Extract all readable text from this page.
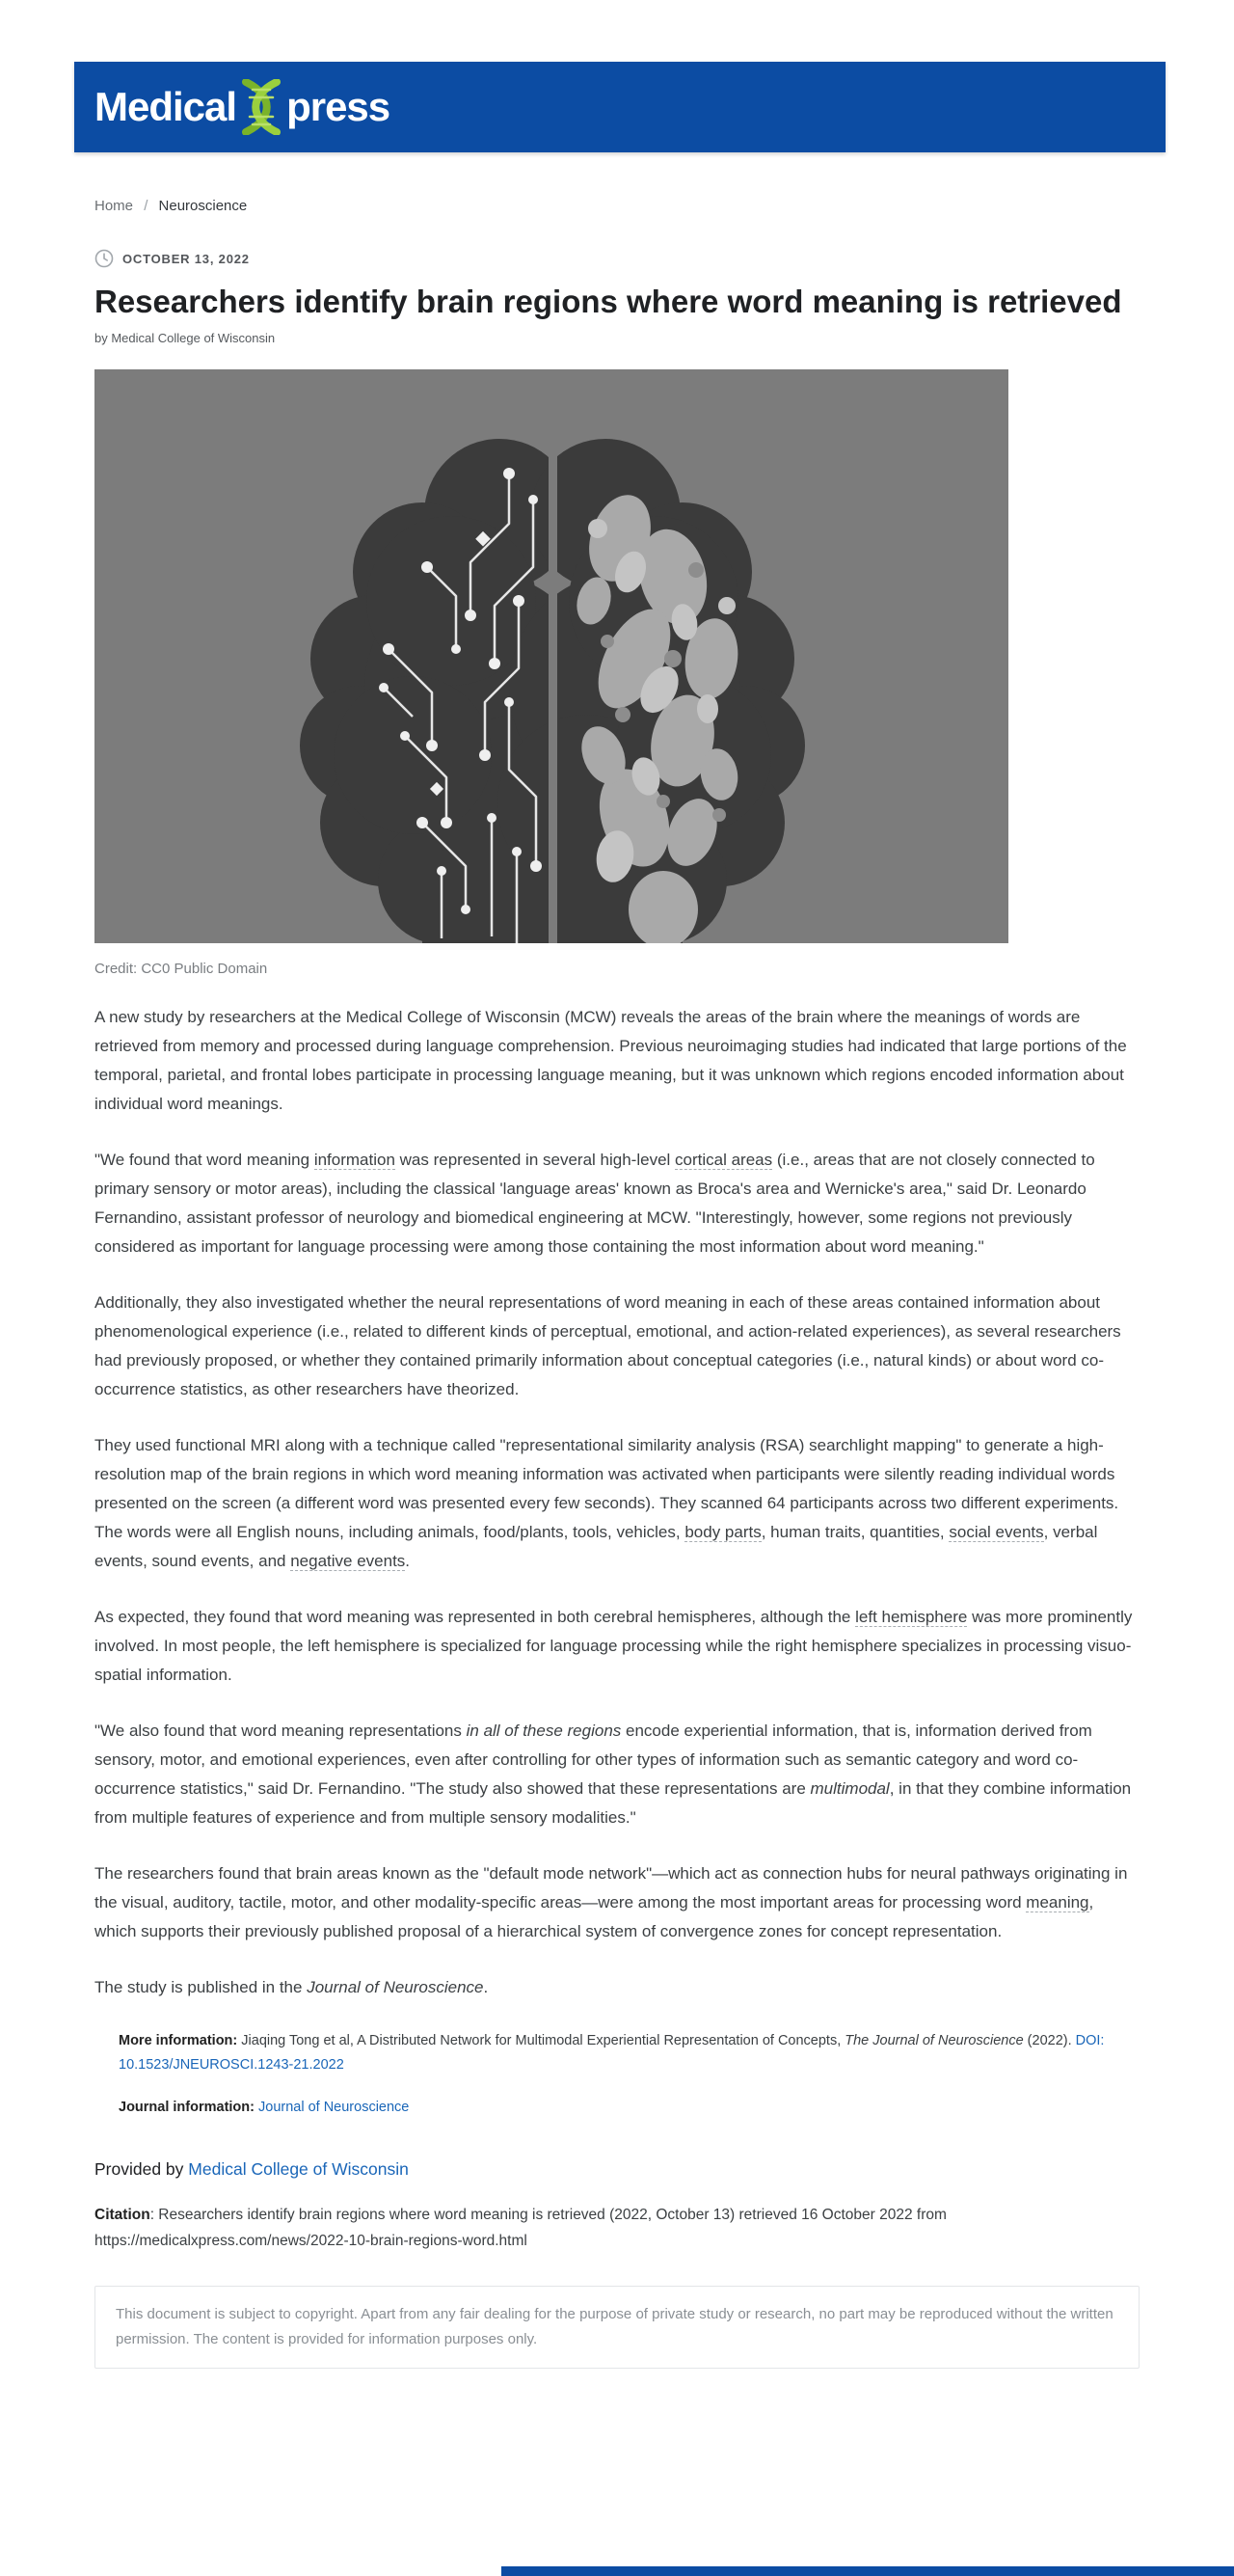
Medical press
Home / Neuroscience
OCTOBER 13, 2022
Researchers identify brain regions where word meaning is retrieved
by Medical College of Wisconsin
Credit: CC0 Public Domain

A new study by researchers at the Medical College of Wisconsin (MCW) reveals the areas of the brain where the meanings of words are retrieved from memory and processed during language comprehension. Previous neuroimaging studies had indicated that large portions of the temporal, parietal, and frontal lobes participate in processing language meaning, but it was unknown which regions encoded information about individual word meanings.

"We found that word meaning information was represented in several high-level cortical areas (i.e., areas that are not closely connected to primary sensory or motor areas), including the classical 'language areas' known as Broca's area and Wernicke's area," said Dr. Leonardo Fernandino, assistant professor of neurology and biomedical engineering at MCW. "Interestingly, however, some regions not previously considered as important for language processing were among those containing the most information about word meaning."

Additionally, they also investigated whether the neural representations of word meaning in each of these areas contained information about phenomenological experience (i.e., related to different kinds of perceptual, emotional, and action-related experiences), as several researchers had previously proposed, or whether they contained primarily information about conceptual categories (i.e., natural kinds) or about word co-occurrence statistics, as other researchers have theorized.

They used functional MRI along with a technique called "representational similarity analysis (RSA) searchlight mapping" to generate a high-resolution map of the brain regions in which word meaning information was activated when participants were silently reading individual words presented on the screen (a different word was presented every few seconds). They scanned 64 participants across two different experiments. The words were all English nouns, including animals, food/plants, tools, vehicles, body parts, human traits, quantities, social events, verbal events, sound events, and negative events.

As expected, they found that word meaning was represented in both cerebral hemispheres, although the left hemisphere was more prominently involved. In most people, the left hemisphere is specialized for language processing while the right hemisphere specializes in processing visuo-spatial information.

"We also found that word meaning representations in all of these regions encode experiential information, that is, information derived from sensory, motor, and emotional experiences, even after controlling for other types of information such as semantic category and word co-occurrence statistics," said Dr. Fernandino. "The study also showed that these representations are multimodal, in that they combine information from multiple features of experience and from multiple sensory modalities."

The researchers found that brain areas known as the "default mode network"—which act as connection hubs for neural pathways originating in the visual, auditory, tactile, motor, and other modality-specific areas—were among the most important areas for processing word meaning, which supports their previously published proposal of a hierarchical system of convergence zones for concept representation.

The study is published in the Journal of Neuroscience.

More information: Jiaqing Tong et al, A Distributed Network for Multimodal Experiential Representation of Concepts, The Journal of Neuroscience (2022). DOI: 10.1523/JNEUROSCI.1243-21.2022
Journal information: Journal of Neuroscience
Provided by Medical College of Wisconsin
Citation: Researchers identify brain regions where word meaning is retrieved (2022, October 13) retrieved 16 October 2022 from https://medicalxpress.com/news/2022-10-brain-regions-word.html
This document is subject to copyright. Apart from any fair dealing for the purpose of private study or research, no part may be reproduced without the written permission. The content is provided for information purposes only.
